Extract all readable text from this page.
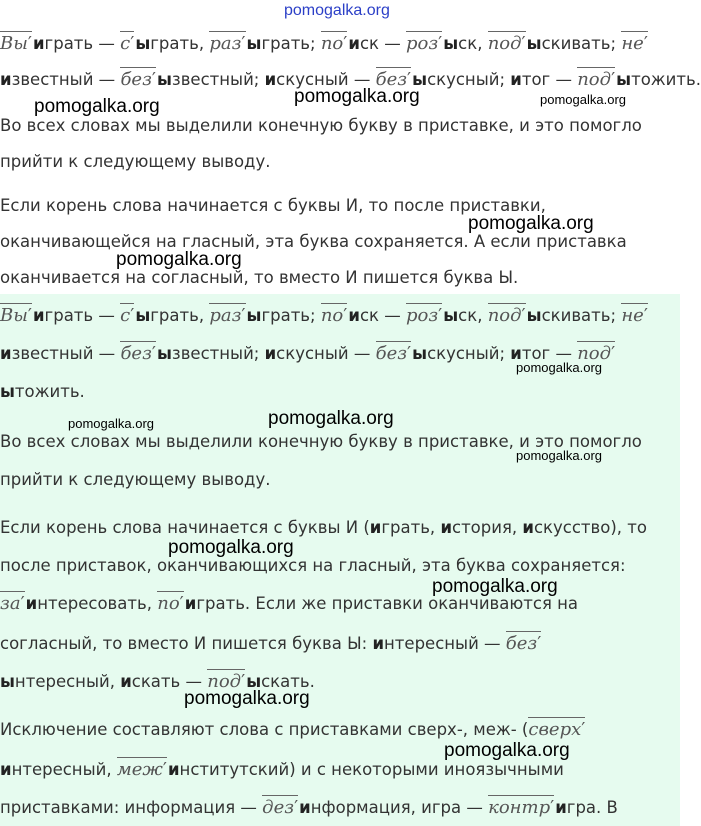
Вы ′ играть — с ′ ыграть, раз ′ ыграть; по ′ иск — роз ′ ыск, под ′ ыскивать; не ′
известный — без ′ ызвестный; искусный — без ′ ыскусный; итог — под ′ ытожить.
Во всех словах мы выделили конечную букву в приставке, и это помогло
прийти к следующему выводу.
Если корень слова начинается с буквы И, то после приставки,
оканчивающейся на гласный, эта буква сохраняется. А если приставка
оканчивается на согласный, то вместо И пишется буква Ы.
Вы ′ играть — с ′ ыграть, раз ′ ыграть; по ′ иск — роз ′ ыск, под ′ ыскивать; не ′
известный — без ′ ызвестный; искусный — без ′ ыскусный; итог — под ′
ытожить.
Во всех словах мы выделили конечную букву в приставке, и это помогло
прийти к следующему выводу.
Если корень слова начинается с буквы И (играть, история, искусство), то
после приставок, оканчивающихся на гласный, эта буква сохраняется:
за ′ интересовать, по ′ играть. Если же приставки оканчиваются на
согласный, то вместо И пишется буква Ы: интересный — без ′
ынтересный, искать — под ′ ыскать.
Исключение составляют слова с приставками сверх-, меж- (сверх ′
интересный, меж ′ институтский) и с некоторыми иноязычными
приставками: информация — дез ′ информация, игра — контр ′ игра. В
pomogalka.org
pomogalka.org	pomogalka.org	pomogalka.org
pomogalka.org
pomogalka.org
pomogalka.org
pomogalka.org	pomogalka.org
pomogalka.org
pomogalka.org
pomogalka.org
pomogalka.org
pomogalka.org
